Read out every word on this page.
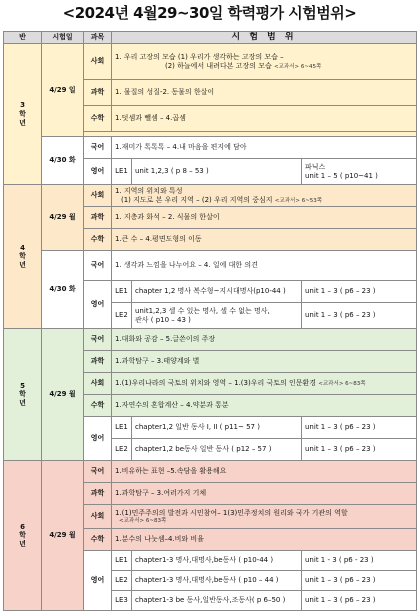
<2024년 4월29~30일 학력평가 시험범위>
반	시험일	과목	시 험 범 위		

3
학
년	4/29 일	사회	1. 우리 고장의 모습 (1) 우리가 생각하는 고장의 모습 –
(2) 하늘에서 내려다본 고장의 모습 <교과서> 6~45쪽		

		과학	1. 물질의 성질-2. 동물의 한살이		
		수학	1.덧셈과 뺄셈 – 4.곱셈		

	4/30 화	국어	1.재미가 톡톡톡 – 4.내 마음을 편지에 담아		
		영어	LE1	unit 1,2,3 ( p 8 – 53 )	파닉스
unit 1 – 5 ( p10~41 )

4
학
년	4/29 월	사회	1. 지역의 위치와 특성
(1) 지도로 본 우리 지역 – (2) 우리 지역의 중심지 <교과서> 6~53쪽		

		과학	1. 지층과 화석 – 2. 식물의 한살이		
		수학	1.큰 수 – 4.평면도형의 이동		
	4/30 화	국어	1. 생각과 느낌을 나누어요 – 4. 일에 대한 의견		
		영어	LE1	chapter 1,2 명사 복수형~지시대명사(p10-44 )	unit 1 – 3 ( p6 – 23 )
			LE2	unit1,2,3 셀 수 있는 명사, 셀 수 없는 명사,
관사 ( p10 – 43 )	unit 1 – 3 ( p6 – 23 )

5
학
년	4/29 월	국어	1.대화와 공감 – 5.글쓴이의 주장		
		과학	1.과학탐구 – 3.태양계와 별		
		사회	1.(1)우리나라의 국토의 위치와 영역 – 1.(3)우리 국토의 인문환경 <교과서> 6~83쪽		
		수학	1.자연수의 혼합계산 – 4.약분과 통분		
		영어	LE1	chapter1,2 일반 동사 I, II ( p11~ 57 )	unit 1 – 3 ( p6 – 23 )
			LE2	chapter1,2 be동사 일반 동사 ( p12 – 57 )	unit 1 – 3 ( p6 – 23 )

6
학
년	4/29 월	국어	1.비유하는 표현 –5.속담을 활용해요		
		과학	1.과학탐구 – 3.여러가지 기체		
		사회	1.(1)민주주의의 발전과 시민참여– 1(3)민주정치의 원리와 국가 기관의 역할
<교과서> 6~83쪽		

		수학	1.분수의 나눗셈–4.비와 비율		
		영어	LE1	chapter1-3 명사,대명사,be동사 ( p10-44 )	unit 1 - 3 ( p6 - 23 )
			LE2	chapter1-3 명사,대명사,be동사 ( p10 – 44 )	unit 1 – 3 ( p6 – 23 )
			LE3	chapter1-3 be 동사,일반동사,조동사( p 6–50 )	unit 1 – 3 ( p6 – 23 )
